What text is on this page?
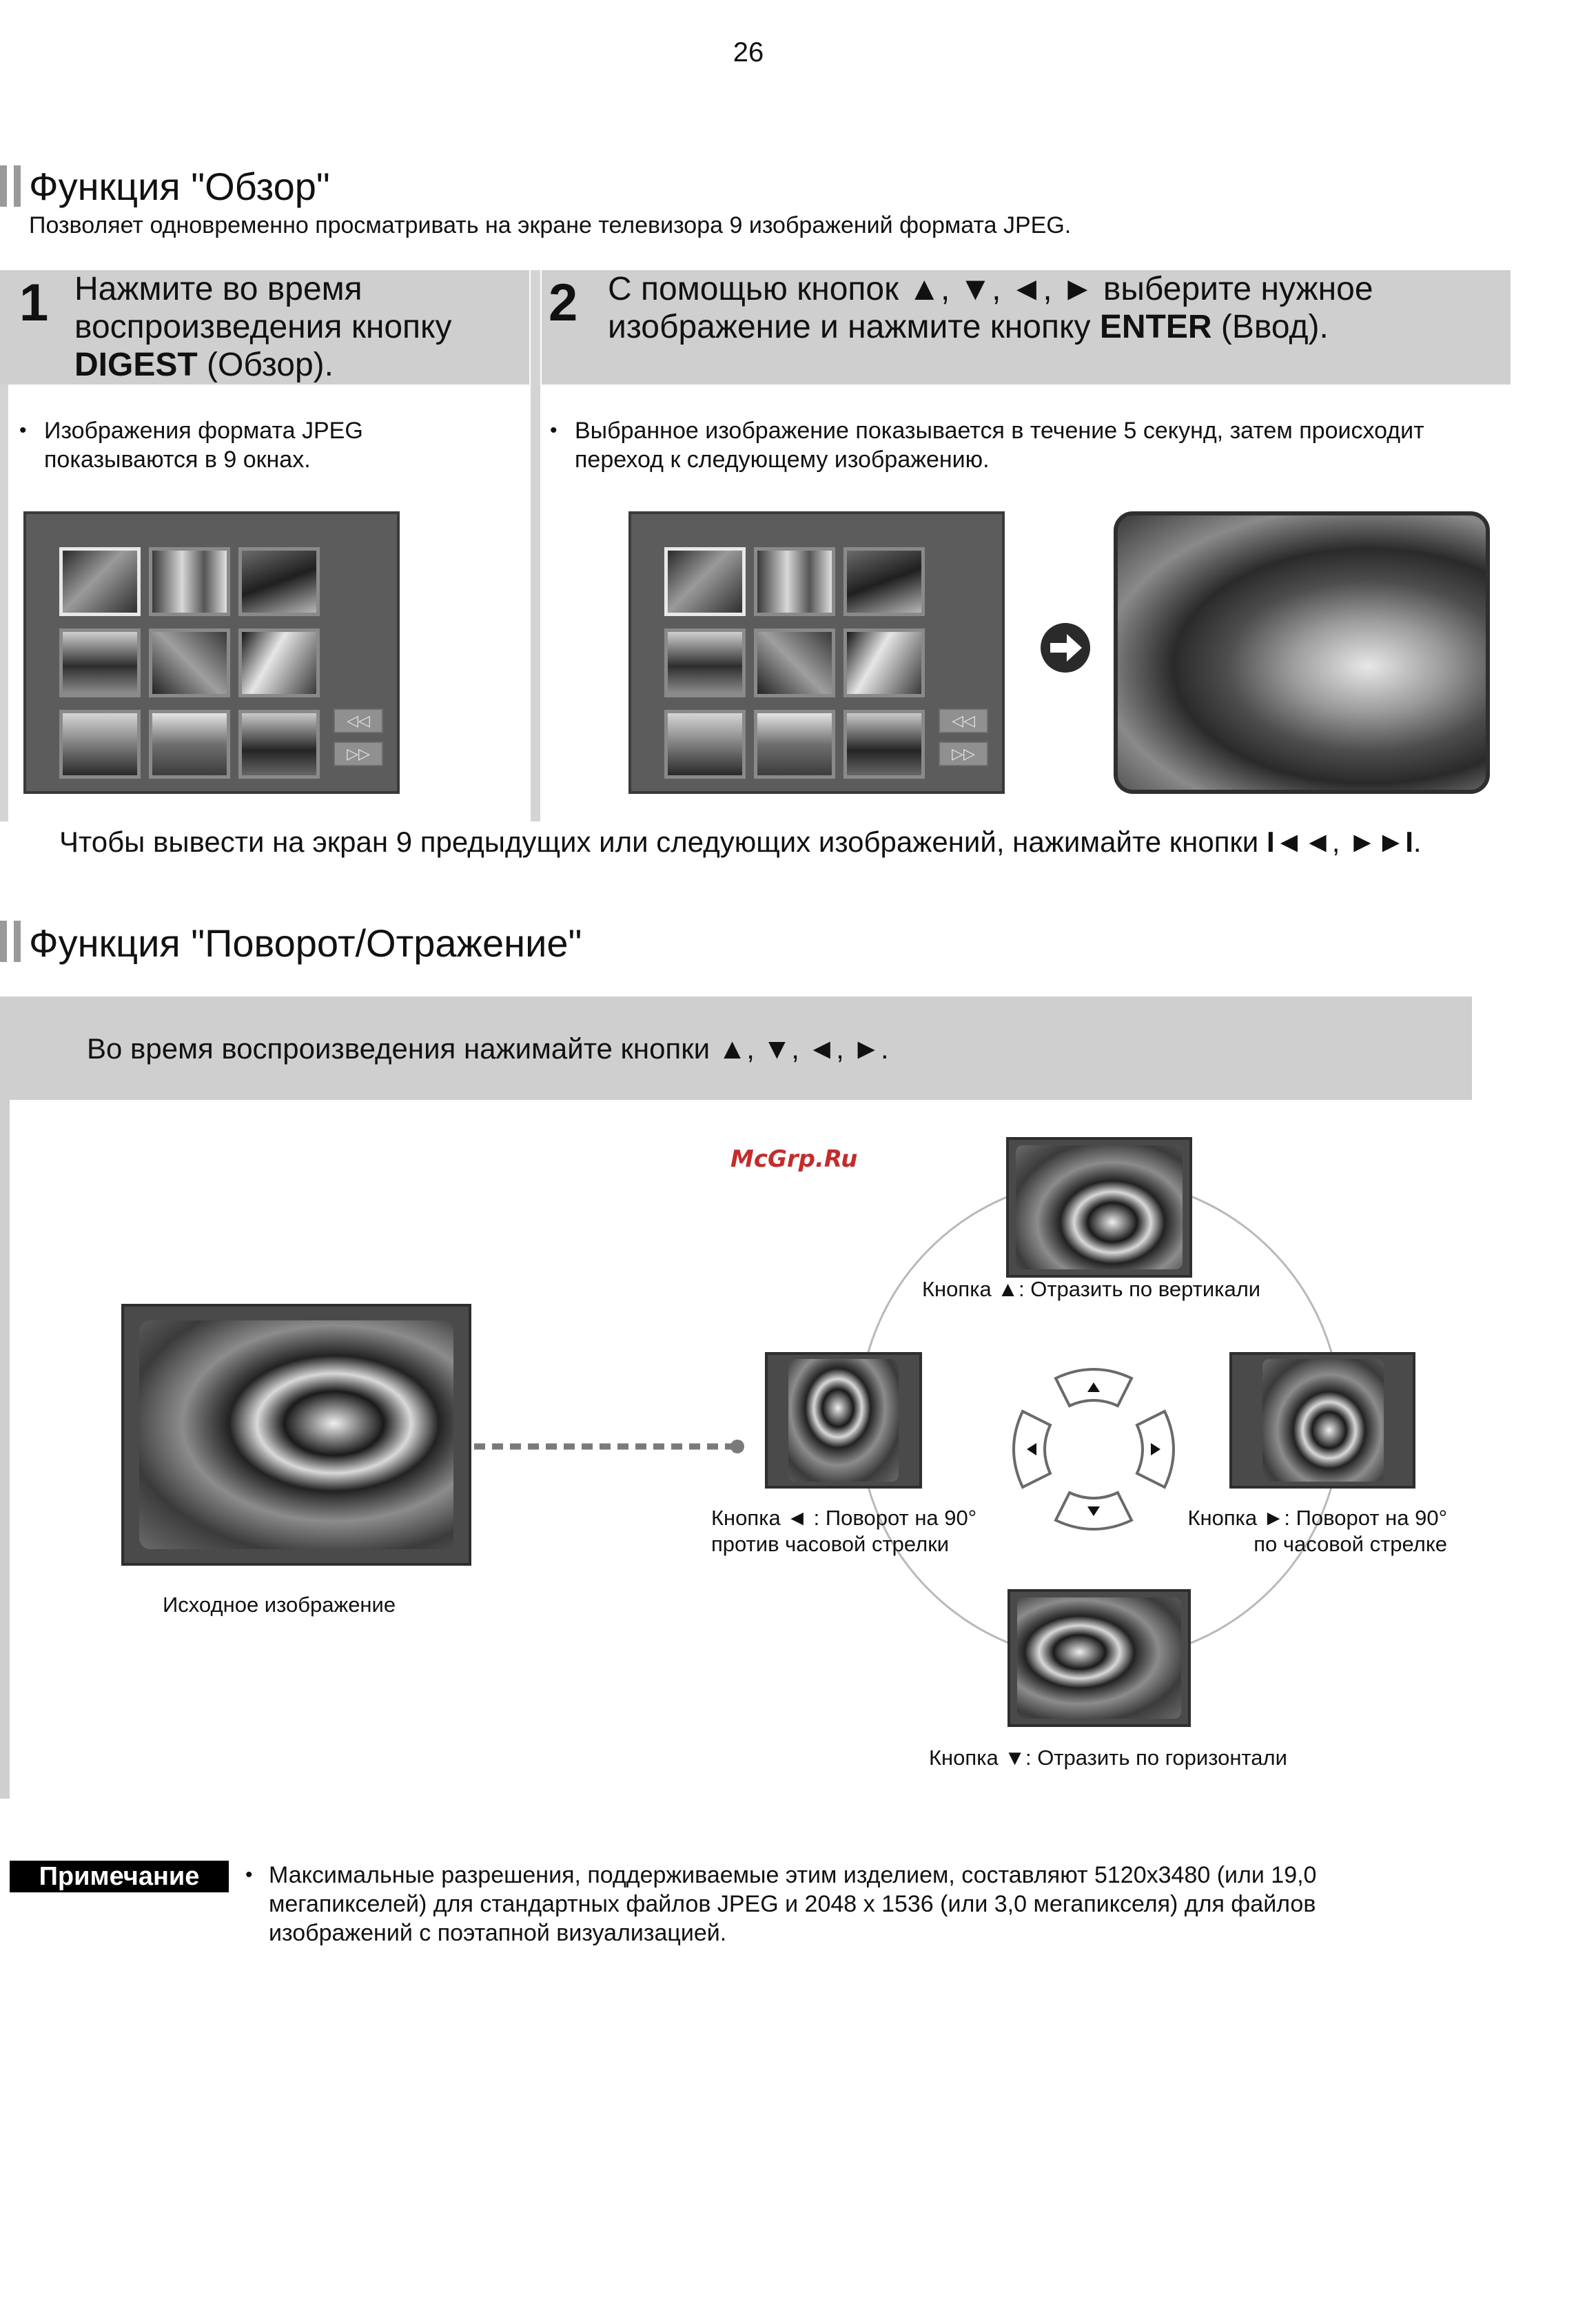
26
Функция "Обзор"
Позволяет одновременно просматривать на экране телевизора 9 изображений формата JPEG.
1 Нажмите во время
воспроизведения кнопку
DIGEST (Обзор).
2 С помощью кнопок ▲, ▼, ◄, ► выберите нужное
изображение и нажмите кнопку ENTER (Ввод).
• Изображения формата JPEG
показываются в 9 окнах.
• Выбранное изображение показывается в течение 5 секунд, затем происходит
переход к следующему изображению.
◁◁
▷▷
◁◁
▷▷
Чтобы вывести на экран 9 предыдущих или следующих изображений, нажимайте кнопки I◄◄, ►►I.
Функция "Поворот/Отражение"
Во время воспроизведения нажимайте кнопки ▲, ▼, ◄, ►.
McGrp.Ru
Исходное изображение
Кнопка ▲: Отразить по вертикали
Кнопка ◄ : Поворот на 90°
против часовой стрелки
Кнопка ►: Поворот на 90°
по часовой стрелке
Кнопка ▼: Отразить по горизонтали
Примечание
•	Максимальные разрешения, поддерживаемые этим изделием, составляют 5120x3480 (или 19,0
мегапикселей) для стандартных файлов JPEG и 2048 x 1536 (или 3,0 мегапикселя) для файлов
изображений с поэтапной визуализацией.
